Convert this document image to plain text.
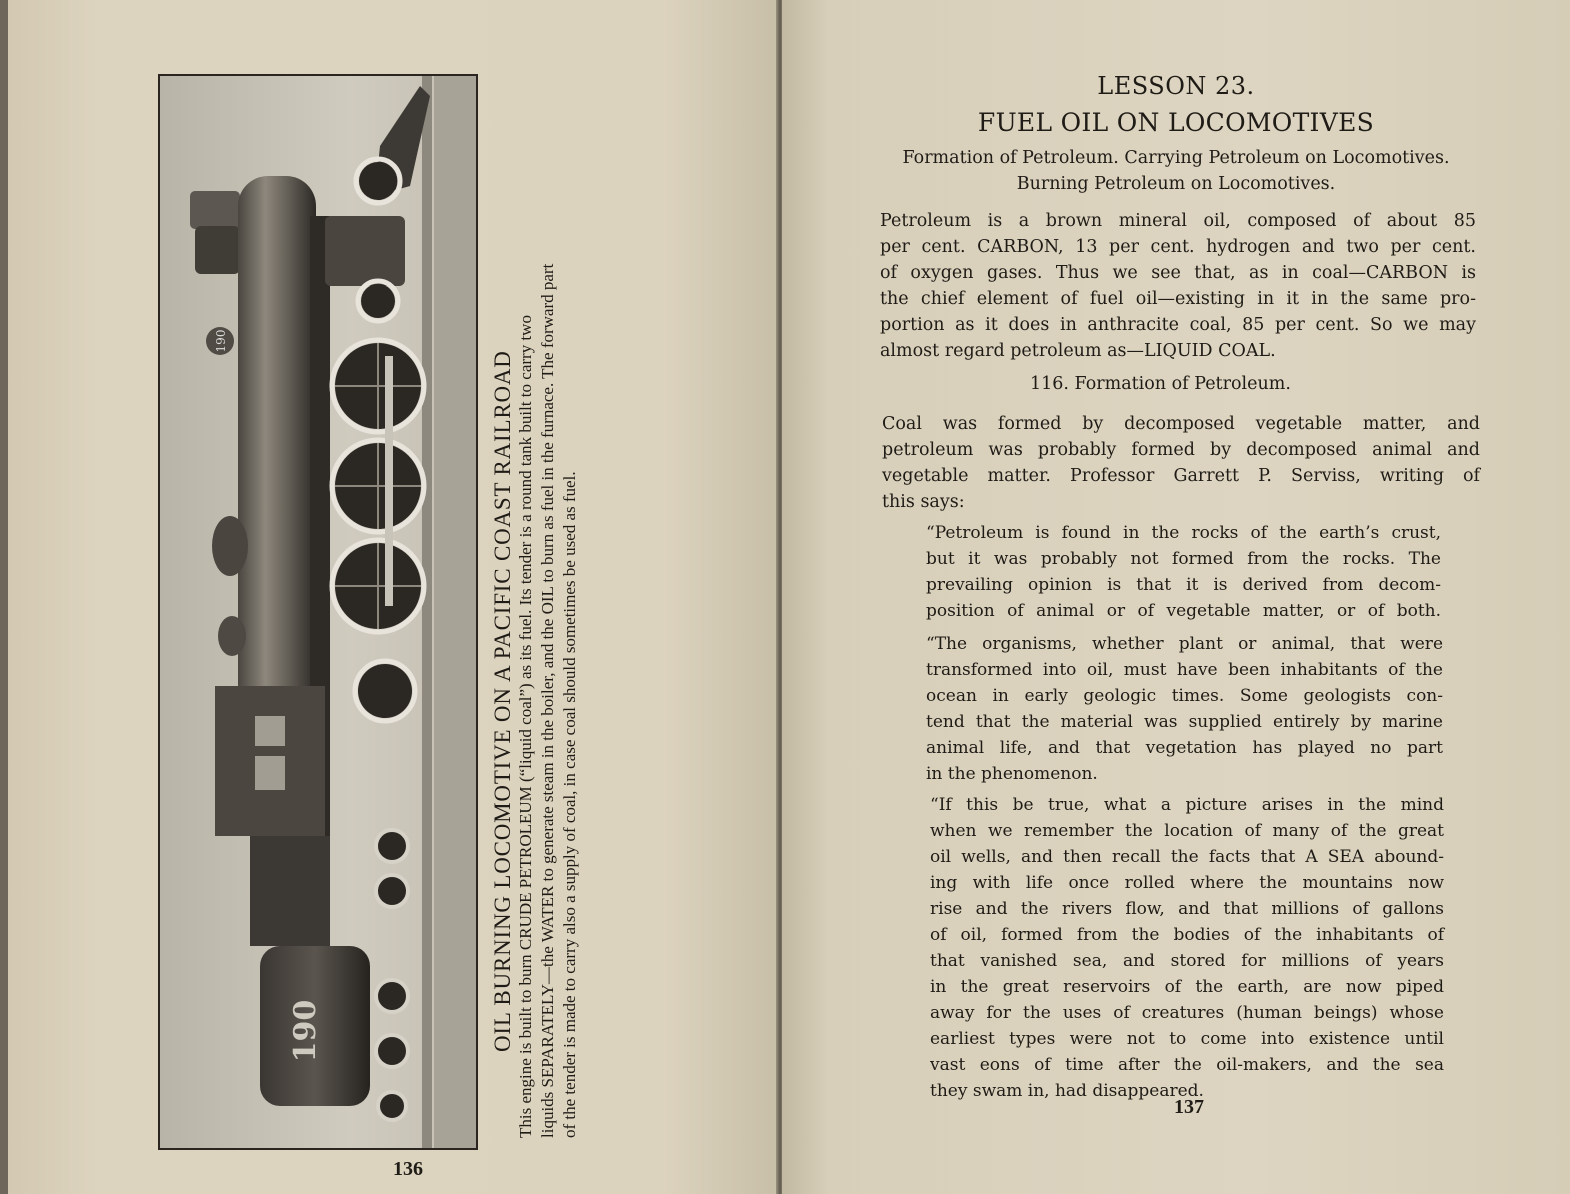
190
190	OIL BURNING LOCOMOTIVE ON A PACIFIC COAST RAILROAD This engine is built to burn CRUDE PETROLEUM (“liquid coal”) as its fuel. Its tender is a round tank built to carry two liquids SEPARATELY—the WATER to generate steam in the boiler, and the OIL to burn as fuel in the furnace. The forward part of the tender is made to carry also a supply of coal, in case coal should sometimes be used as fuel.
136
LESSON 23.
FUEL OIL ON LOCOMOTIVES
Formation of Petroleum. Carrying Petroleum on Locomotives.
Burning Petroleum on Locomotives.
Petroleum is a brown mineral oil, composed of about 85
per cent. CARBON, 13 per cent. hydrogen and two per cent.
of oxygen gases. Thus we see that, as in coal—CARBON is
the chief element of fuel oil—existing in it in the same pro-
portion as it does in anthracite coal, 85 per cent. So we may
almost regard petroleum as—LIQUID COAL.
116. Formation of Petroleum.
Coal was formed by decomposed vegetable matter, and
petroleum was probably formed by decomposed animal and
vegetable matter. Professor Garrett P. Serviss, writing of
this says:
“Petroleum is found in the rocks of the earth’s crust,
but it was probably not formed from the rocks. The
prevailing opinion is that it is derived from decom-
position of animal or of vegetable matter, or of both.
“The organisms, whether plant or animal, that were
transformed into oil, must have been inhabitants of the
ocean in early geologic times. Some geologists con-
tend that the material was supplied entirely by marine
animal life, and that vegetation has played no part
in the phenomenon.
“If this be true, what a picture arises in the mind
when we remember the location of many of the great
oil wells, and then recall the facts that A SEA abound-
ing with life once rolled where the mountains now
rise and the rivers flow, and that millions of gallons
of oil, formed from the bodies of the inhabitants of
that vanished sea, and stored for millions of years
in the great reservoirs of the earth, are now piped
away for the uses of creatures (human beings) whose
earliest types were not to come into existence until
vast eons of time after the oil-makers, and the sea
they swam in, had disappeared.
137
